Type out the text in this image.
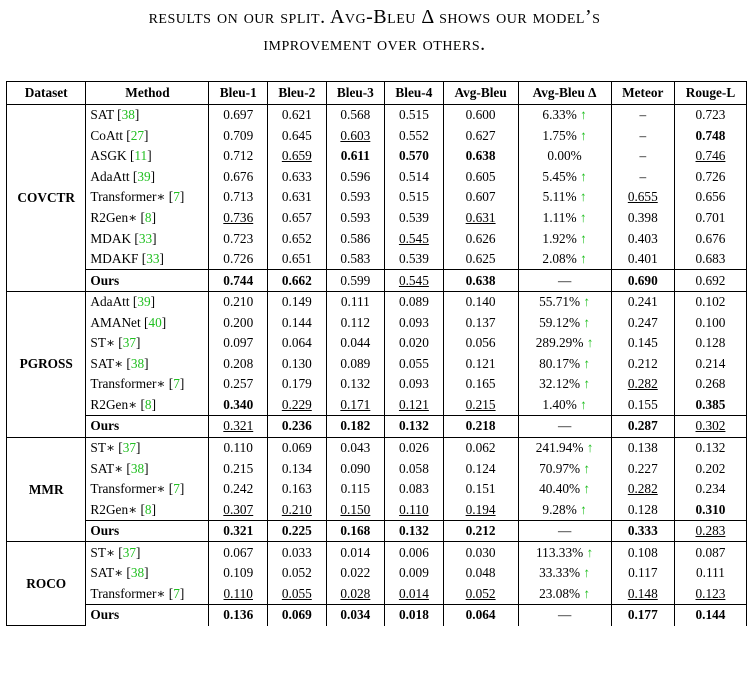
results on our split. Avg-Bleu Δ shows our model’s
improvement over others.
Dataset	Method	Bleu-1	Bleu-2	Bleu-3	Bleu-4	Avg-Bleu	Avg-Bleu Δ	Meteor	Rouge-L
COVCTR	SAT [38]	0.697	0.621	0.568	0.515	0.600	6.33% ↑	–	0.723
	CoAtt [27]	0.709	0.645	0.603	0.552	0.627	1.75% ↑	–	0.748
	ASGK [11]	0.712	0.659	0.611	0.570	0.638	0.00%	–	0.746
	AdaAtt [39]	0.676	0.633	0.596	0.514	0.605	5.45% ↑	–	0.726
	Transformer∗ [7]	0.713	0.631	0.593	0.515	0.607	5.11% ↑	0.655	0.656
	R2Gen∗ [8]	0.736	0.657	0.593	0.539	0.631	1.11% ↑	0.398	0.701
	MDAK [33]	0.723	0.652	0.586	0.545	0.626	1.92% ↑	0.403	0.676
	MDAKF [33]	0.726	0.651	0.583	0.539	0.625	2.08% ↑	0.401	0.683
	Ours	0.744	0.662	0.599	0.545	0.638	—	0.690	0.692
PGROSS	AdaAtt [39]	0.210	0.149	0.111	0.089	0.140	55.71% ↑	0.241	0.102
	AMANet [40]	0.200	0.144	0.112	0.093	0.137	59.12% ↑	0.247	0.100
	ST∗ [37]	0.097	0.064	0.044	0.020	0.056	289.29% ↑	0.145	0.128
	SAT∗ [38]	0.208	0.130	0.089	0.055	0.121	80.17% ↑	0.212	0.214
	Transformer∗ [7]	0.257	0.179	0.132	0.093	0.165	32.12% ↑	0.282	0.268
	R2Gen∗ [8]	0.340	0.229	0.171	0.121	0.215	1.40% ↑	0.155	0.385
	Ours	0.321	0.236	0.182	0.132	0.218	—	0.287	0.302
MMR	ST∗ [37]	0.110	0.069	0.043	0.026	0.062	241.94% ↑	0.138	0.132
	SAT∗ [38]	0.215	0.134	0.090	0.058	0.124	70.97% ↑	0.227	0.202
	Transformer∗ [7]	0.242	0.163	0.115	0.083	0.151	40.40% ↑	0.282	0.234
	R2Gen∗ [8]	0.307	0.210	0.150	0.110	0.194	9.28% ↑	0.128	0.310
	Ours	0.321	0.225	0.168	0.132	0.212	—	0.333	0.283
ROCO	ST∗ [37]	0.067	0.033	0.014	0.006	0.030	113.33% ↑	0.108	0.087
	SAT∗ [38]	0.109	0.052	0.022	0.009	0.048	33.33% ↑	0.117	0.111
	Transformer∗ [7]	0.110	0.055	0.028	0.014	0.052	23.08% ↑	0.148	0.123
	Ours	0.136	0.069	0.034	0.018	0.064	—	0.177	0.144
